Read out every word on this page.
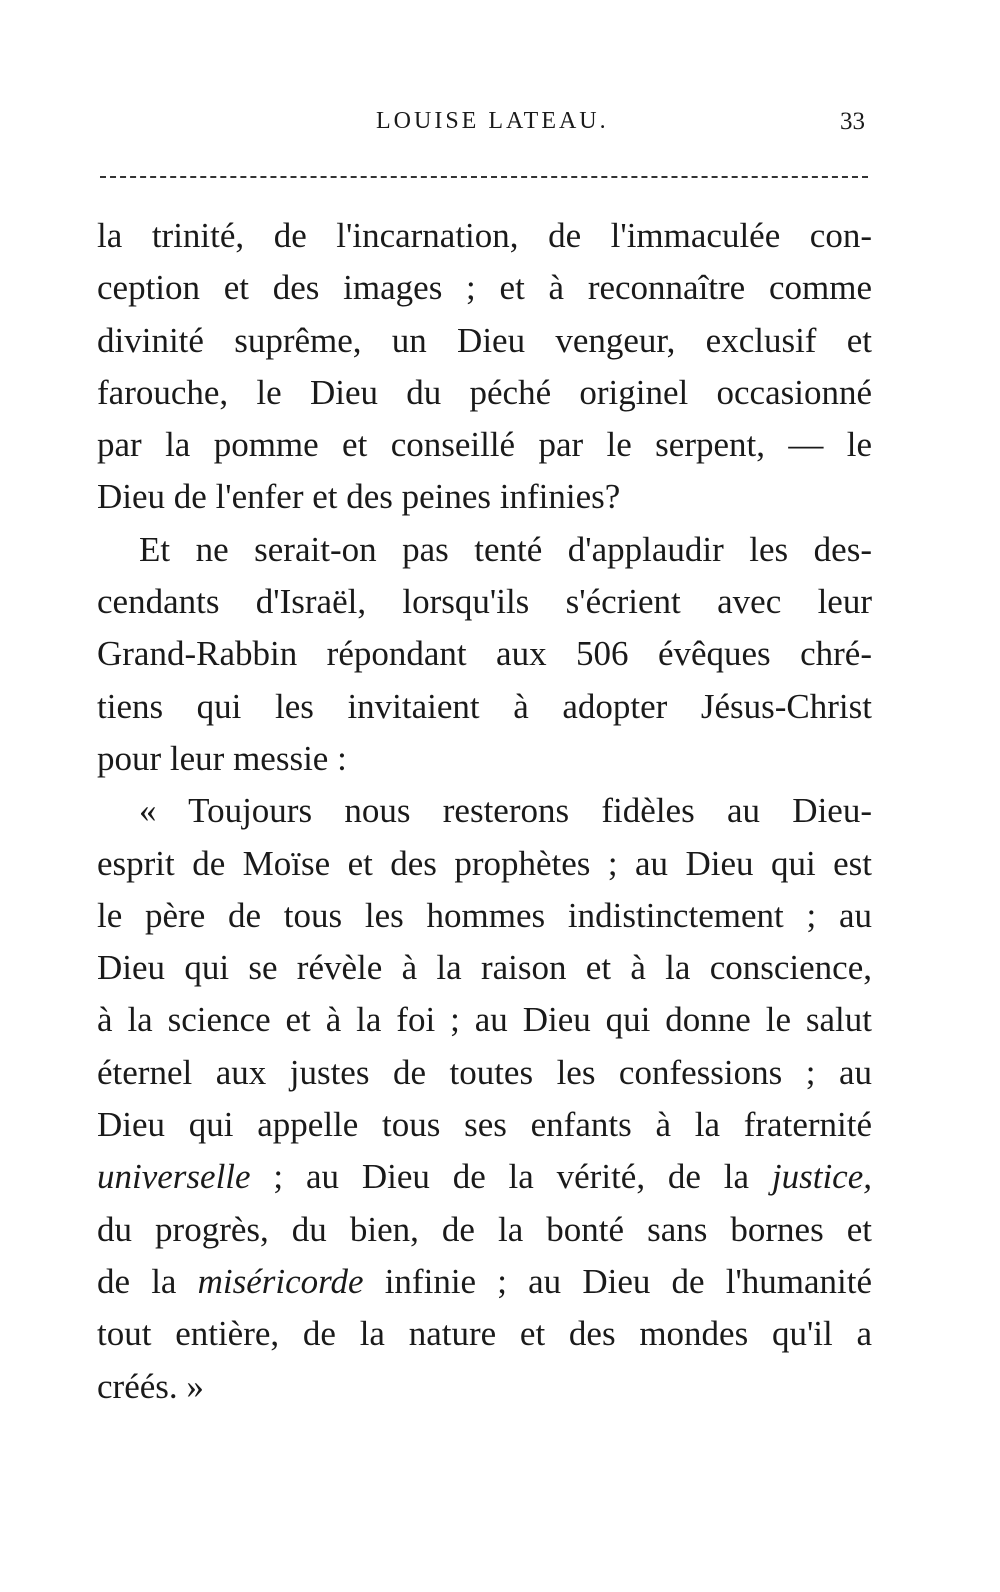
LOUISE LATEAU.	33
la trinité, de l'incarnation, de l'immaculée con-
ception et des images ; et à reconnaître comme
divinité suprême, un Dieu vengeur, exclusif et
farouche, le Dieu du péché originel occasionné
par la pomme et conseillé par le serpent, — le
Dieu de l'enfer et des peines infinies?
Et ne serait-on pas tenté d'applaudir les des-
cendants d'Israël, lorsqu'ils s'écrient avec leur
Grand-Rabbin répondant aux 506 évêques chré-
tiens qui les invitaient à adopter Jésus-Christ
pour leur messie :
« Toujours nous resterons fidèles au Dieu-
esprit de Moïse et des prophètes ; au Dieu qui est
le père de tous les hommes indistinctement ; au
Dieu qui se révèle à la raison et à la conscience,
à la science et à la foi ; au Dieu qui donne le salut
éternel aux justes de toutes les confessions ; au
Dieu qui appelle tous ses enfants à la fraternité
universelle ; au Dieu de la vérité, de la justice,
du progrès, du bien, de la bonté sans bornes et
de la miséricorde infinie ; au Dieu de l'humanité
tout entière, de la nature et des mondes qu'il a
créés. »
